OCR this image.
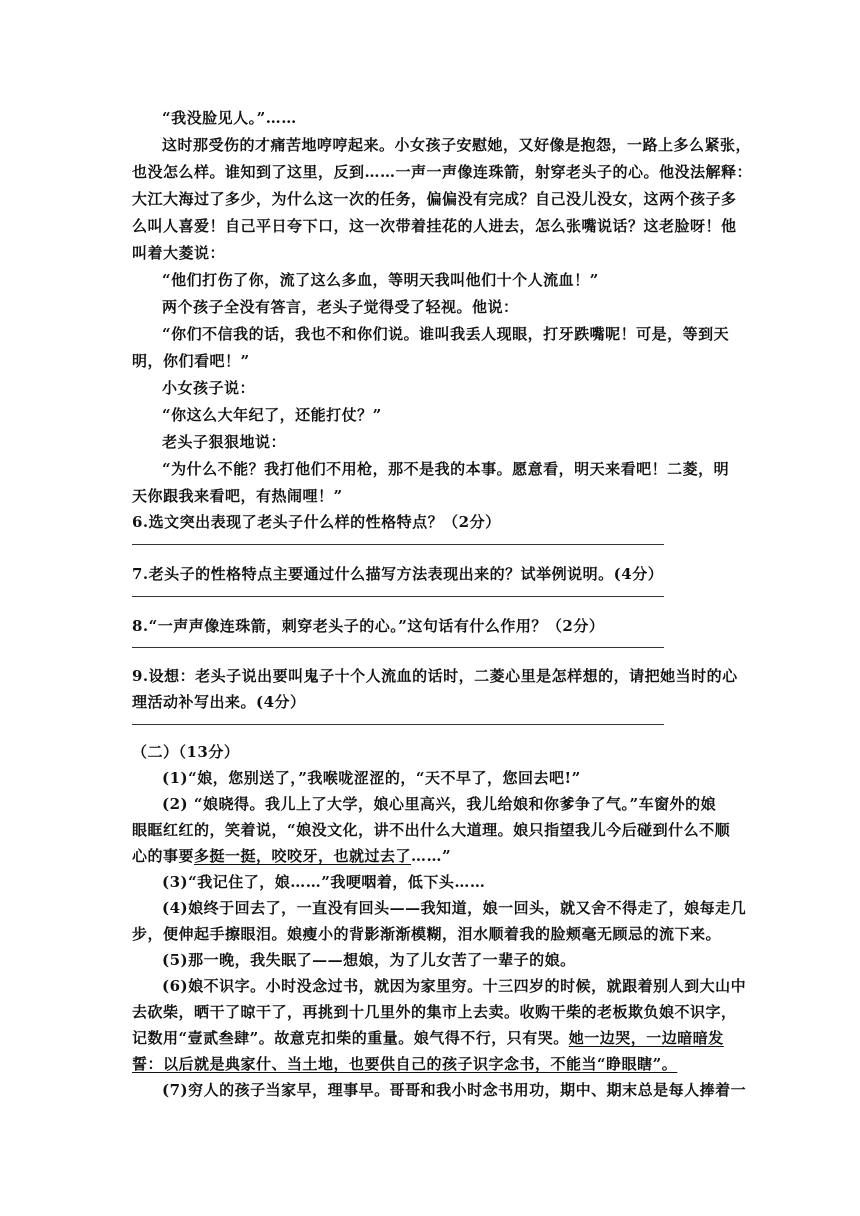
“我没脸见人。”……
这时那受伤的才痛苦地哼哼起来。小女孩子安慰她，又好像是抱怨，一路上多么紧张，
也没怎么样。谁知到了这里，反到……一声一声像连珠箭，射穿老头子的心。他没法解释：
大江大海过了多少，为什么这一次的任务，偏偏没有完成？自己没儿没女，这两个孩子多
么叫人喜爱！自己平日夸下口，这一次带着挂花的人进去，怎么张嘴说话？这老脸呀！他
叫着大菱说：
“他们打伤了你，流了这么多血，等明天我叫他们十个人流血！”
两个孩子全没有答言，老头子觉得受了轻视。他说：
“你们不信我的话，我也不和你们说。谁叫我丢人现眼，打牙跌嘴呢！可是，等到天
明，你们看吧！”
小女孩子说：
“你这么大年纪了，还能打仗？”
老头子狠狠地说：
“为什么不能？我打他们不用枪，那不是我的本事。愿意看，明天来看吧！二菱，明
天你跟我来看吧，有热闹哩！”
6.选文突出表现了老头子什么样的性格特点？（2分）
7.老头子的性格特点主要通过什么描写方法表现出来的？试举例说明。(4分）
8.“一声声像连珠箭，刺穿老头子的心。”这句话有什么作用？（2分）
9.设想：老头子说出要叫鬼子十个人流血的话时，二菱心里是怎样想的，请把她当时的心
理活动补写出来。(4分）
（二）（13分）
(1)“娘，您别送了，”我喉咙涩涩的，“天不早了，您回去吧!”
(2) “娘晓得。我儿上了大学，娘心里高兴，我儿给娘和你爹争了气。”车窗外的娘
眼眶红红的，笑着说，“娘没文化，讲不出什么大道理。娘只指望我儿今后碰到什么不顺
心的事要多挺一挺，咬咬牙，也就过去了……”
(3)“我记住了，娘……”我哽咽着，低下头……
(4)娘终于回去了，一直没有回头——我知道，娘一回头，就又舍不得走了，娘每走几
步，便伸起手擦眼泪。娘瘦小的背影渐渐模糊，泪水顺着我的脸颊毫无顾忌的流下来。
(5)那一晚，我失眠了——想娘，为了儿女苦了一辈子的娘。
(6)娘不识字。小时没念过书，就因为家里穷。十三四岁的时候，就跟着别人到大山中
去砍柴，晒干了晾干了，再挑到十几里外的集市上去卖。收购干柴的老板欺负娘不识字，
记数用“壹贰叁肆”。故意克扣柴的重量。娘气得不行，只有哭。她一边哭，一边暗暗发
誓：以后就是典家什、当土地，也要供自己的孩子识字念书，不能当“睁眼瞎”。
(7)穷人的孩子当家早，理事早。哥哥和我小时念书用功，期中、期末总是每人捧着一
